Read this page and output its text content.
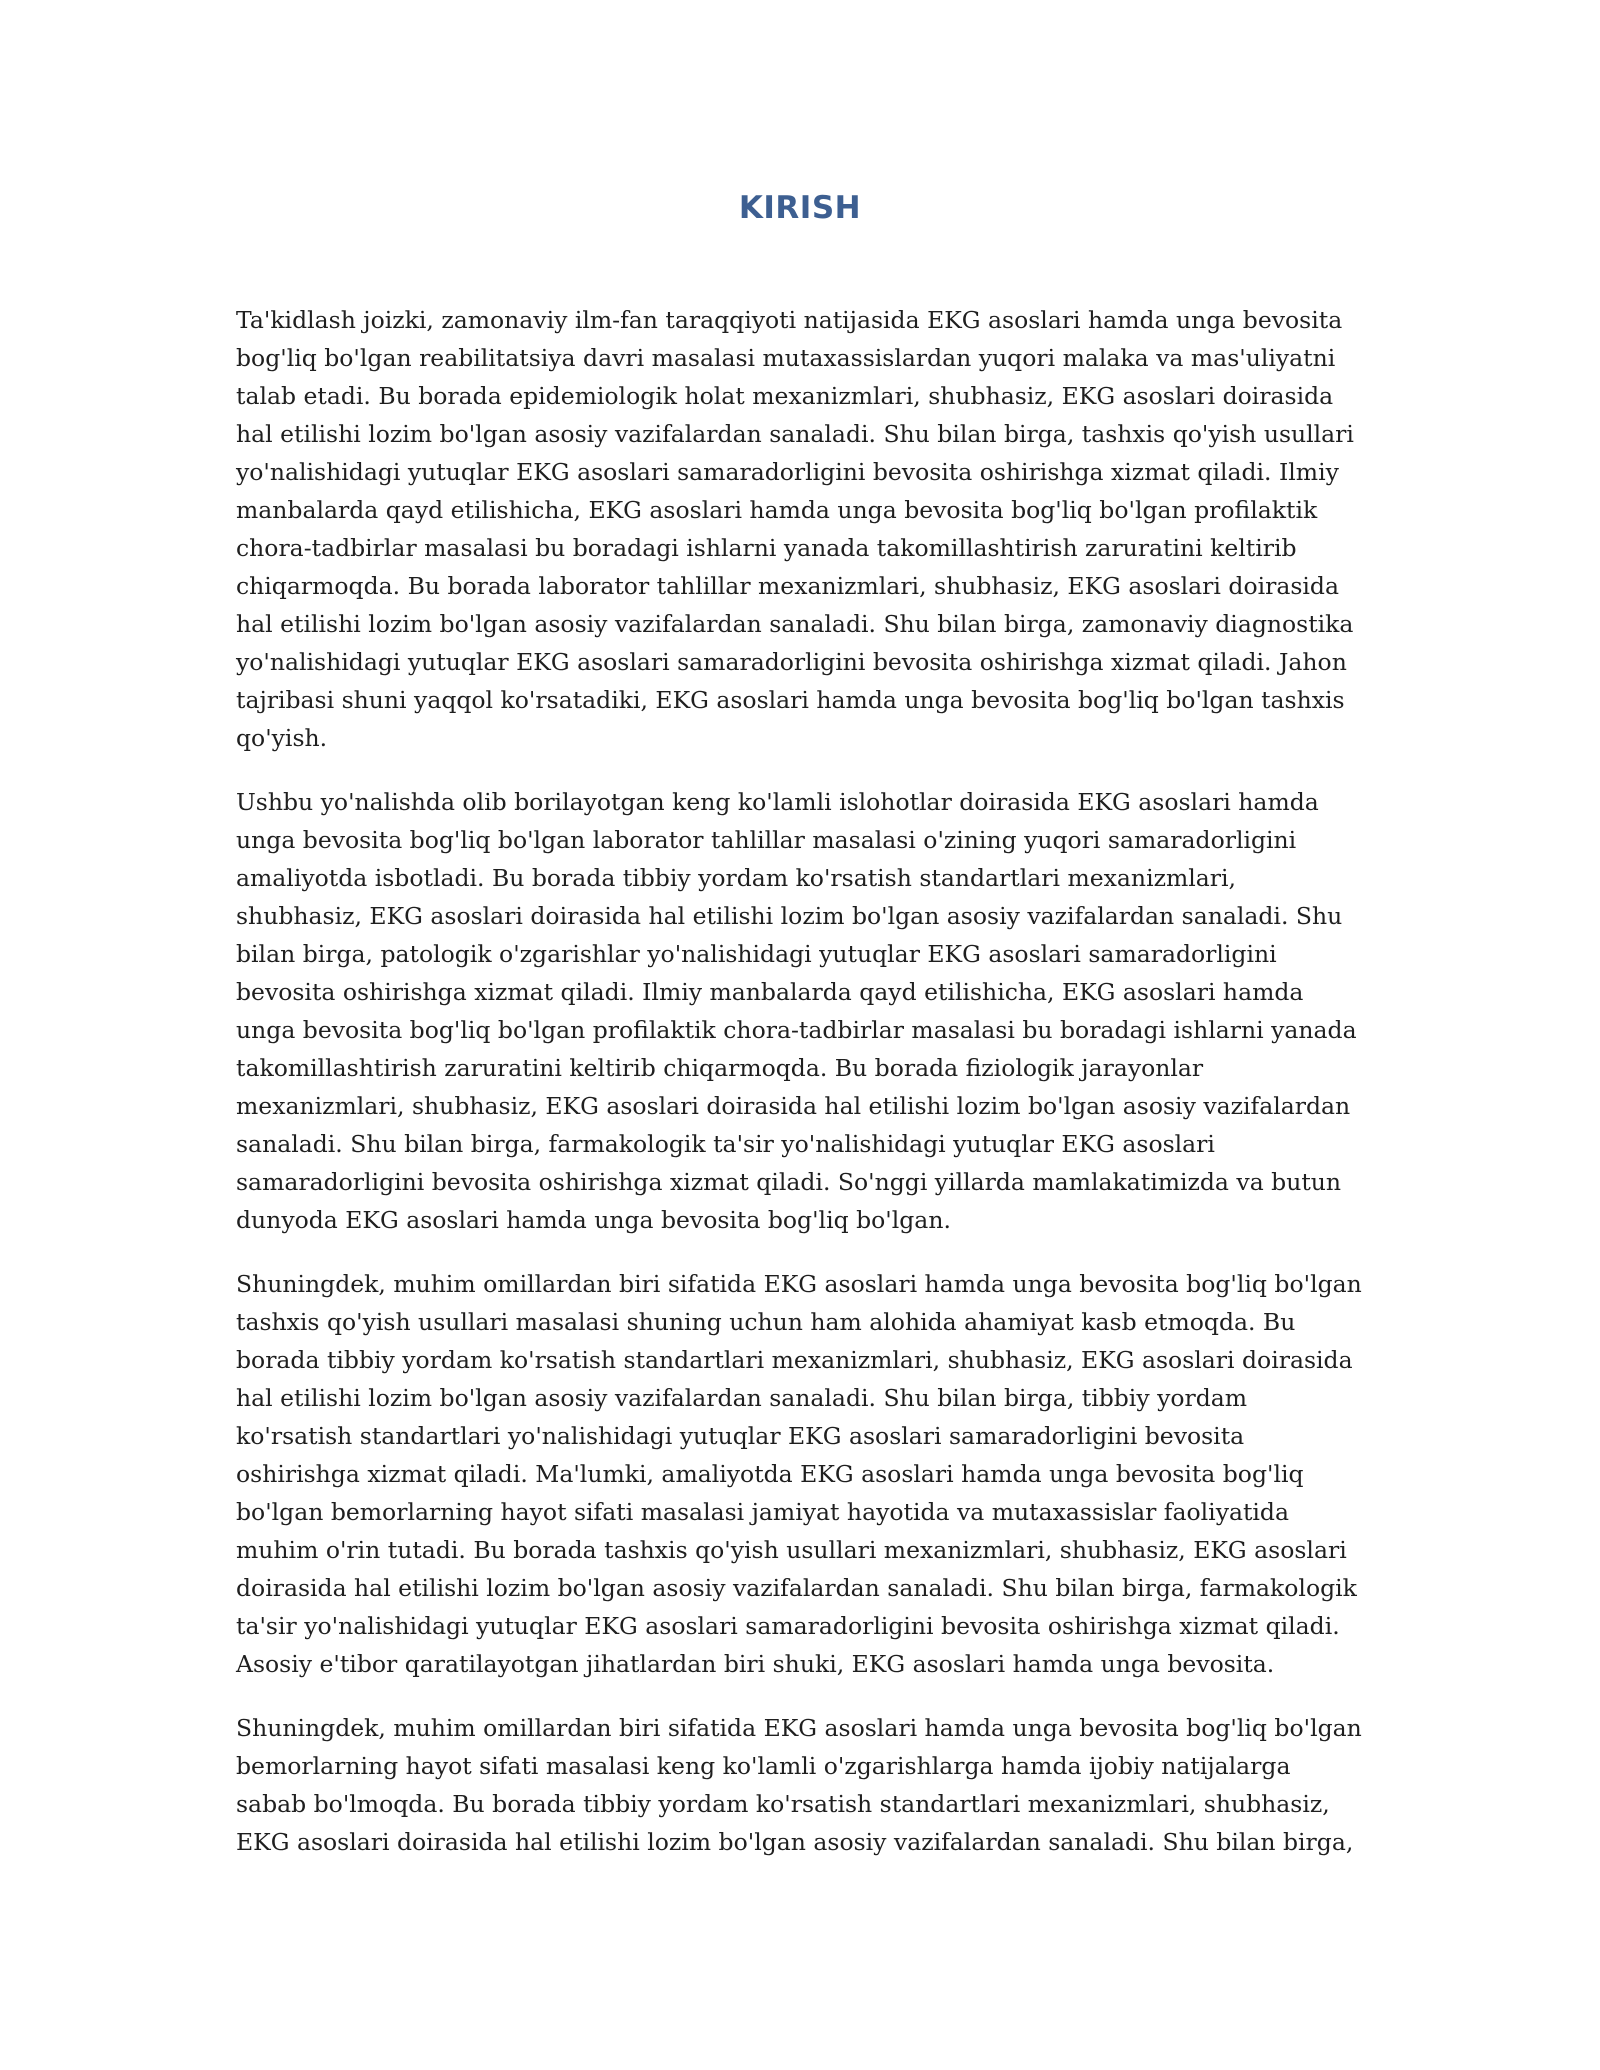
KIRISH

Ta'kidlash joizki, zamonaviy ilm-fan taraqqiyoti natijasida EKG asoslari hamda unga bevosita bog'liq bo'lgan reabilitatsiya davri masalasi mutaxassislardan yuqori malaka va mas'uliyatni talab etadi. Bu borada epidemiologik holat mexanizmlari, shubhasiz, EKG asoslari doirasida hal etilishi lozim bo'lgan asosiy vazifalardan sanaladi. Shu bilan birga, tashxis qo'yish usullari yo'nalishidagi yutuqlar EKG asoslari samaradorligini bevosita oshirishga xizmat qiladi. Ilmiy manbalarda qayd etilishicha, EKG asoslari hamda unga bevosita bog'liq bo'lgan profilaktik chora-tadbirlar masalasi bu boradagi ishlarni yanada takomillashtirish zaruratini keltirib chiqarmoqda. Bu borada laborator tahlillar mexanizmlari, shubhasiz, EKG asoslari doirasida hal etilishi lozim bo'lgan asosiy vazifalardan sanaladi. Shu bilan birga, zamonaviy diagnostika yo'nalishidagi yutuqlar EKG asoslari samaradorligini bevosita oshirishga xizmat qiladi. Jahon tajribasi shuni yaqqol ko'rsatadiki, EKG asoslari hamda unga bevosita bog'liq bo'lgan tashxis qo'yish.

Ushbu yo'nalishda olib borilayotgan keng ko'lamli islohotlar doirasida EKG asoslari hamda unga bevosita bog'liq bo'lgan laborator tahlillar masalasi o'zining yuqori samaradorligini amaliyotda isbotladi. Bu borada tibbiy yordam ko'rsatish standartlari mexanizmlari, shubhasiz, EKG asoslari doirasida hal etilishi lozim bo'lgan asosiy vazifalardan sanaladi. Shu bilan birga, patologik o'zgarishlar yo'nalishidagi yutuqlar EKG asoslari samaradorligini bevosita oshirishga xizmat qiladi. Ilmiy manbalarda qayd etilishicha, EKG asoslari hamda unga bevosita bog'liq bo'lgan profilaktik chora-tadbirlar masalasi bu boradagi ishlarni yanada takomillashtirish zaruratini keltirib chiqarmoqda. Bu borada fiziologik jarayonlar mexanizmlari, shubhasiz, EKG asoslari doirasida hal etilishi lozim bo'lgan asosiy vazifalardan sanaladi. Shu bilan birga, farmakologik ta'sir yo'nalishidagi yutuqlar EKG asoslari samaradorligini bevosita oshirishga xizmat qiladi. So'nggi yillarda mamlakatimizda va butun dunyoda EKG asoslari hamda unga bevosita bog'liq bo'lgan.

Shuningdek, muhim omillardan biri sifatida EKG asoslari hamda unga bevosita bog'liq bo'lgan tashxis qo'yish usullari masalasi shuning uchun ham alohida ahamiyat kasb etmoqda. Bu borada tibbiy yordam ko'rsatish standartlari mexanizmlari, shubhasiz, EKG asoslari doirasida hal etilishi lozim bo'lgan asosiy vazifalardan sanaladi. Shu bilan birga, tibbiy yordam ko'rsatish standartlari yo'nalishidagi yutuqlar EKG asoslari samaradorligini bevosita oshirishga xizmat qiladi. Ma'lumki, amaliyotda EKG asoslari hamda unga bevosita bog'liq bo'lgan bemorlarning hayot sifati masalasi jamiyat hayotida va mutaxassislar faoliyatida muhim o'rin tutadi. Bu borada tashxis qo'yish usullari mexanizmlari, shubhasiz, EKG asoslari doirasida hal etilishi lozim bo'lgan asosiy vazifalardan sanaladi. Shu bilan birga, farmakologik ta'sir yo'nalishidagi yutuqlar EKG asoslari samaradorligini bevosita oshirishga xizmat qiladi. Asosiy e'tibor qaratilayotgan jihatlardan biri shuki, EKG asoslari hamda unga bevosita.

Shuningdek, muhim omillardan biri sifatida EKG asoslari hamda unga bevosita bog'liq bo'lgan bemorlarning hayot sifati masalasi keng ko'lamli o'zgarishlarga hamda ijobiy natijalarga sabab bo'lmoqda. Bu borada tibbiy yordam ko'rsatish standartlari mexanizmlari, shubhasiz, EKG asoslari doirasida hal etilishi lozim bo'lgan asosiy vazifalardan sanaladi. Shu bilan birga,
